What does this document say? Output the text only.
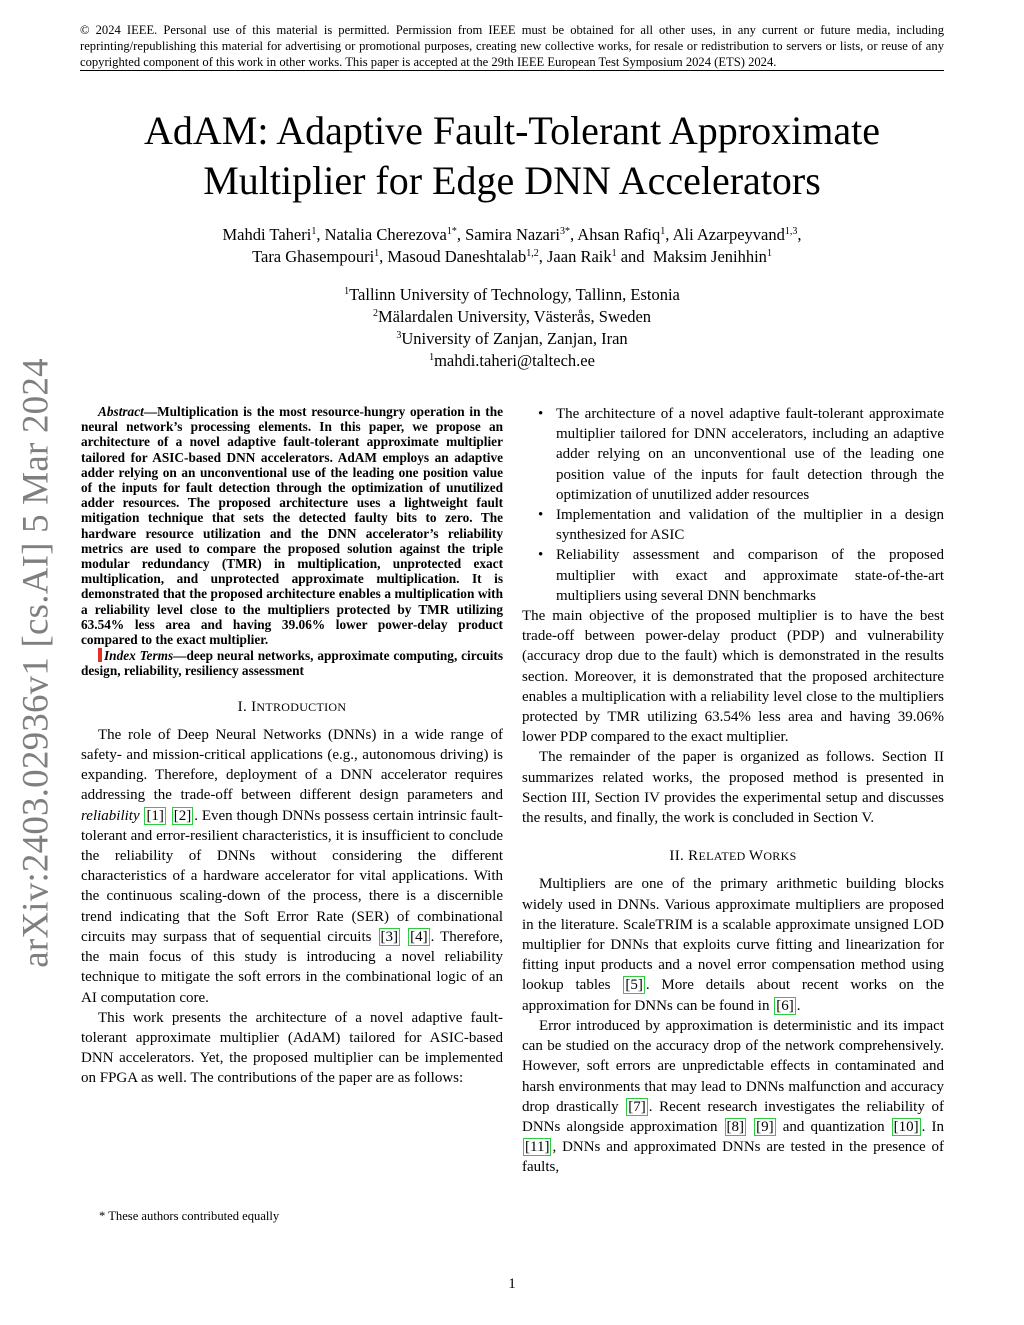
© 2024 IEEE. Personal use of this material is permitted. Permission from IEEE must be obtained for all other uses, in any current or future media, including reprinting/republishing this material for advertising or promotional purposes, creating new collective works, for resale or redistribution to servers or lists, or reuse of any copyrighted component of this work in other works. This paper is accepted at the 29th IEEE European Test Symposium 2024 (ETS) 2024.
arXiv:2403.02936v1 [cs.AI] 5 Mar 2024
AdAM: Adaptive Fault-Tolerant Approximate
Multiplier for Edge DNN Accelerators
Mahdi Taheri$^1$, Natalia Cherezova$^{1*}$, Samira Nazari$^{3*}$, Ahsan Rafiq$^1$, Ali Azarpeyvand$^{1,3}$,
Tara Ghasempouri$^1$, Masoud Daneshtalab$^{1,2}$, Jaan Raik$^1$ and Maksim Jenihhin$^1$
$^1$Tallinn University of Technology, Tallinn, Estonia
$^2$Mälardalen University, Västerås, Sweden
$^3$University of Zanjan, Zanjan, Iran
$^1$mahdi.taheri@taltech.ee

Abstract—Multiplication is the most resource-hungry operation in the neural network’s processing elements. In this paper, we propose an architecture of a novel adaptive fault-tolerant approximate multiplier tailored for ASIC-based DNN accelerators. AdAM employs an adaptive adder relying on an unconventional use of the leading one position value of the inputs for fault detection through the optimization of unutilized adder resources. The proposed architecture uses a lightweight fault mitigation technique that sets the detected faulty bits to zero. The hardware resource utilization and the DNN accelerator’s reliability metrics are used to compare the proposed solution against the triple modular redundancy (TMR) in multiplication, unprotected exact multiplication, and unprotected approximate multiplication. It is demonstrated that the proposed architecture enables a multiplication with a reliability level close to the multipliers protected by TMR utilizing 63.54% less area and having 39.06% lower power-delay product compared to the exact multiplier.

Index Terms—deep neural networks, approximate computing, circuits design, reliability, resiliency assessment

I. INTRODUCTION

The role of Deep Neural Networks (DNNs) in a wide range of safety- and mission-critical applications (e.g., autonomous driving) is expanding. Therefore, deployment of a DNN accelerator requires addressing the trade-off between different design parameters and reliability [1] [2] . Even though DNNs possess certain intrinsic fault-tolerant and error-resilient characteristics, it is insufficient to conclude the reliability of DNNs without considering the different characteristics of a hardware accelerator for vital applications. With the continuous scaling-down of the process, there is a discernible trend indicating that the Soft Error Rate (SER) of combinational circuits may surpass that of sequential circuits [3] [4] . Therefore, the main focus of this study is introducing a novel reliability technique to mitigate the soft errors in the combinational logic of an AI computation core.

This work presents the architecture of a novel adaptive fault-tolerant approximate multiplier (AdAM) tailored for ASIC-based DNN accelerators. Yet, the proposed multiplier can be implemented on FPGA as well. The contributions of the paper are as follows:

• The architecture of a novel adaptive fault-tolerant approximate multiplier tailored for DNN accelerators, including an adaptive adder relying on an unconventional use of the leading one position value of the inputs for fault detection through the optimization of unutilized adder resources
• Implementation and validation of the multiplier in a design synthesized for ASIC
• Reliability assessment and comparison of the proposed multiplier with exact and approximate state-of-the-art multipliers using several DNN benchmarks

The main objective of the proposed multiplier is to have the best trade-off between power-delay product (PDP) and vulnerability (accuracy drop due to the fault) which is demonstrated in the results section. Moreover, it is demonstrated that the proposed architecture enables a multiplication with a reliability level close to the multipliers protected by TMR utilizing 63.54% less area and having 39.06% lower PDP compared to the exact multiplier.

The remainder of the paper is organized as follows. Section II summarizes related works, the proposed method is presented in Section III, Section IV provides the experimental setup and discusses the results, and finally, the work is concluded in Section V.

II. RELATED WORKS

Multipliers are one of the primary arithmetic building blocks widely used in DNNs. Various approximate multipliers are proposed in the literature. ScaleTRIM is a scalable approximate unsigned LOD multiplier for DNNs that exploits curve fitting and linearization for fitting input products and a novel error compensation method using lookup tables [5] . More details about recent works on the approximation for DNNs can be found in [6] .

Error introduced by approximation is deterministic and its impact can be studied on the accuracy drop of the network comprehensively. However, soft errors are unpredictable effects in contaminated and harsh environments that may lead to DNNs malfunction and accuracy drop drastically [7] . Recent research investigates the reliability of DNNs alongside approximation [8] [9] and quantization [10] . In [11] , DNNs and approximated DNNs are tested in the presence of faults,

* These authors contributed equally
1
